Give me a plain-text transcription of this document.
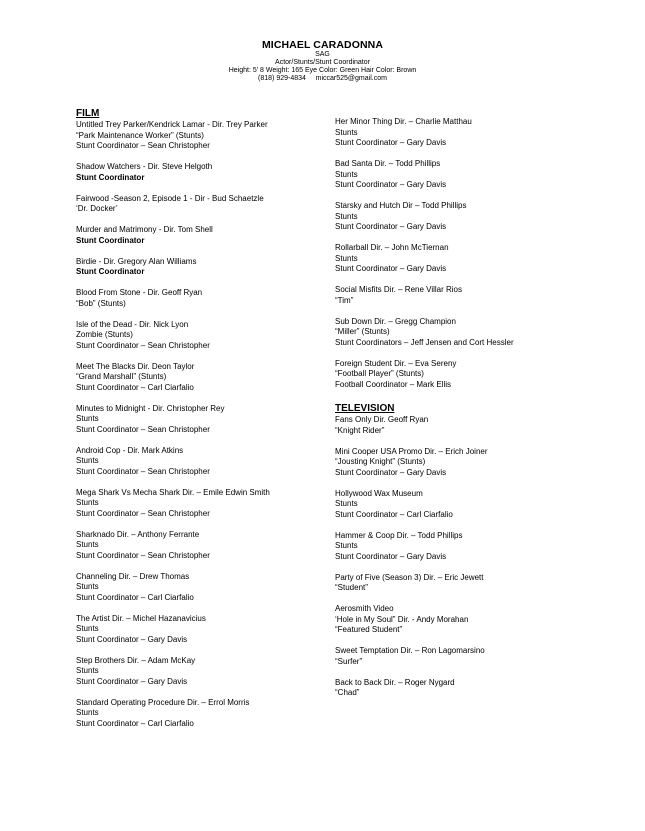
MICHAEL CARADONNA
SAG
Actor/Stunts/Stunt Coordinator
Height: 5' 8 Weight: 165 Eye Color: Green Hair Color: Brown
(818) 929-4834     miccar525@gmail.com
FILM
Untitled Trey Parker/Kendrick Lamar - Dir. Trey Parker
“Park Maintenance Worker” (Stunts)
Stunt Coordinator – Sean Christopher
Shadow Watchers - Dir. Steve Helgoth
Stunt Coordinator
Fairwood -Season 2, Episode 1 - Dir - Bud Schaetzle
‘Dr. Docker’
Murder and Matrimony - Dir. Tom Shell
Stunt Coordinator
Birdie - Dir. Gregory Alan Williams
Stunt Coordinator
Blood From Stone - Dir. Geoff Ryan
“Bob” (Stunts)
Isle of the Dead - Dir. Nick Lyon
Zombie (Stunts)
Stunt Coordinator – Sean Christopher
Meet The Blacks Dir. Deon Taylor
“Grand Marshall” (Stunts)
Stunt Coordinator – Carl Ciarfalio
Minutes to Midnight - Dir. Christopher Rey
Stunts
Stunt Coordinator – Sean Christopher
Android Cop - Dir. Mark Atkins
Stunts
Stunt Coordinator – Sean Christopher
Mega Shark Vs Mecha Shark Dir. – Emile Edwin Smith
Stunts
Stunt Coordinator – Sean Christopher
Sharknado Dir. – Anthony Ferrante
Stunts
Stunt Coordinator – Sean Christopher
Channeling Dir. – Drew Thomas
Stunts
Stunt Coordinator – Carl Ciarfalio
The Artist Dir. – Michel Hazanavicius
Stunts
Stunt Coordinator – Gary Davis
Step Brothers Dir. – Adam McKay
Stunts
Stunt Coordinator – Gary Davis
Standard Operating Procedure Dir. – Errol Morris
Stunts
Stunt Coordinator – Carl Ciarfalio
Her Minor Thing Dir. – Charlie Matthau
Stunts
Stunt Coordinator – Gary Davis
Bad Santa Dir. – Todd Phillips
Stunts
Stunt Coordinator – Gary Davis
Starsky and Hutch Dir – Todd Phillips
Stunts
Stunt Coordinator – Gary Davis
Rollarball Dir. – John McTiernan
Stunts
Stunt Coordinator – Gary Davis
Social Misfits Dir. – Rene Villar Rios
“Tim”
Sub Down Dir. – Gregg Champion
“Miller” (Stunts)
Stunt Coordinators – Jeff Jensen and Cort Hessler
Foreign Student Dir. – Eva Sereny
“Football Player” (Stunts)
Football Coordinator – Mark Ellis
TELEVISION
Fans Only Dir. Geoff Ryan
“Knight Rider”
Mini Cooper USA Promo Dir. – Erich Joiner
“Jousting Knight” (Stunts)
Stunt Coordinator – Gary Davis
Hollywood Wax Museum
Stunts
Stunt Coordinator – Carl Ciarfalio
Hammer & Coop Dir. – Todd Phillips
Stunts
Stunt Coordinator – Gary Davis
Party of Five (Season 3) Dir. – Eric Jewett
“Student”
Aerosmith Video
‘Hole in My Soul” Dir. - Andy Morahan
“Featured Student”
Sweet Temptation Dir. – Ron Lagomarsino
“Surfer”
Back to Back Dir. – Roger Nygard
“Chad”
